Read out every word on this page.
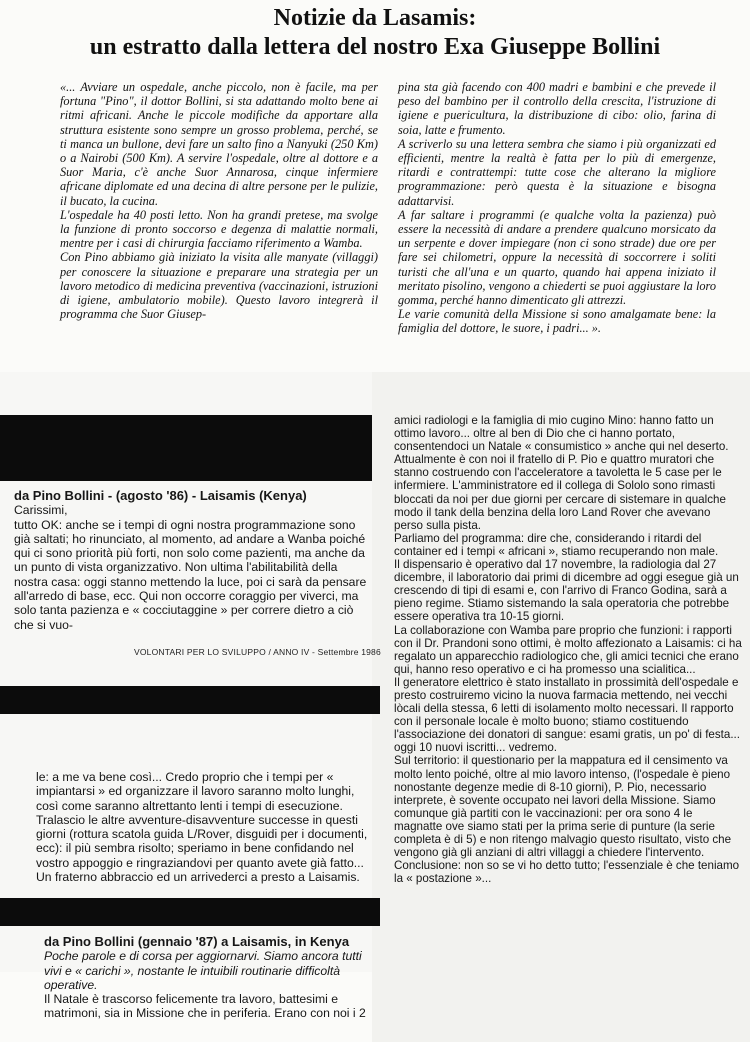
Notizie da Lasamis:
un estratto dalla lettera del nostro Exa Giuseppe Bollini

«... Avviare un ospedale, anche piccolo, non è facile, ma per fortuna "Pino", il dottor Bollini, si sta adattando molto bene ai ritmi africani. Anche le piccole modifiche da apportare alla struttura esistente sono sempre un grosso problema, perché, se ti manca un bullone, devi fare un salto fino a Nanyuki (250 Km) o a Nairobi (500 Km). A servire l'ospedale, oltre al dottore e a Suor Maria, c'è anche Suor Annarosa, cinque infermiere africane diplomate ed una decina di altre persone per le pulizie, il bucato, la cucina.

L'ospedale ha 40 posti letto. Non ha grandi pretese, ma svolge la funzione di pronto soccorso e degenza di malattie normali, mentre per i casi di chirurgia facciamo riferimento a Wamba.

Con Pino abbiamo già iniziato la visita alle manyate (villaggi) per conoscere la situazione e preparare una strategia per un lavoro metodico di medicina preventiva (vaccinazioni, istruzioni di igiene, ambulatorio mobile). Questo lavoro integrerà il programma che Suor Giusep-

pina sta già facendo con 400 madri e bambini e che prevede il peso del bambino per il controllo della crescita, l'istruzione di igiene e puericultura, la distribuzione di cibo: olio, farina di soia, latte e frumento.

A scriverlo su una lettera sembra che siamo i più organizzati ed efficienti, mentre la realtà è fatta per lo più di emergenze, ritardi e contrattempi: tutte cose che alterano la migliore programmazione: però questa è la situazione e bisogna adattarvisi.

A far saltare i programmi (e qualche volta la pazienza) può essere la necessità di andare a prendere qualcuno morsicato da un serpente e dover impiegare (non ci sono strade) due ore per fare sei chilometri, oppure la necessità di soccorrere i soliti turisti che all'una e un quarto, quando hai appena iniziato il meritato pisolino, vengono a chiederti se puoi aggiustare la loro gomma, perché hanno dimenticato gli attrezzi.

Le varie comunità della Missione si sono amalgamate bene: la famiglia del dottore, le suore, i padri... ».

da Pino Bollini - (agosto '86) - Laisamis (Kenya)

Carissimi,

tutto OK: anche se i tempi di ogni nostra programmazione sono già saltati; ho rinunciato, al momento, ad andare a Wanba poiché qui ci sono priorità più forti, non solo come pazienti, ma anche da un punto di vista organizzativo. Non ultima l'abilitabilità della nostra casa: oggi stanno mettendo la luce, poi ci sarà da pensare all'arredo di base, ecc. Qui non occorre coraggio per viverci, ma solo tanta pazienza e « cocciutaggine » per correre dietro a ciò che si vuo-

VOLONTARI PER LO SVILUPPO / ANNO IV - Settembre 1986

le: a me va bene così... Credo proprio che i tempi per « impiantarsi » ed organizzare il lavoro saranno molto lunghi, così come saranno altrettanto lenti i tempi di esecuzione. Tralascio le altre avventure-disavventure successe in questi giorni (rottura scatola guida L/Rover, disguidi per i documenti, ecc): il più sembra risolto; speriamo in bene confidando nel vostro appoggio e ringraziandovi per quanto avete già fatto...

Un fraterno abbraccio ed un arrivederci a presto a Laisamis.

da Pino Bollini (gennaio '87) a Laisamis, in Kenya

Poche parole e di corsa per aggiornarvi. Siamo ancora tutti vivi e « carichi », nostante le intuibili routinarie difficoltà operative.

Il Natale è trascorso felicemente tra lavoro, battesimi e matrimoni, sia in Missione che in periferia. Erano con noi i 2

amici radiologi e la famiglia di mio cugino Mino: hanno fatto un ottimo lavoro... oltre al ben di Dio che ci hanno portato, consentendoci un Natale « consumistico » anche qui nel deserto.

Attualmente è con noi il fratello di P. Pio e quattro muratori che stanno costruendo con l'acceleratore a tavoletta le 5 case per le infermiere. L'amministratore ed il collega di Sololo sono rimasti bloccati da noi per due giorni per cercare di sistemare in qualche modo il tank della benzina della loro Land Rover che avevano perso sulla pista.

Parliamo del programma: dire che, considerando i ritardi del container ed i tempi « africani », stiamo recuperando non male.

Il dispensario è operativo dal 17 novembre, la radiologia dal 27 dicembre, il laboratorio dai primi di dicembre ad oggi esegue già un crescendo di tipi di esami e, con l'arrivo di Franco Godina, sarà a pieno regime. Stiamo sistemando la sala operatoria che potrebbe essere operativa tra 10-15 giorni.

La collaborazione con Wamba pare proprio che funzioni: i rapporti con il Dr. Prandoni sono ottimi, è molto affezionato a Laisamis: ci ha regalato un apparecchio radiologico che, gli amici tecnici che erano qui, hanno reso operativo e ci ha promesso una scialitica...

Il generatore elettrico è stato installato in prossimità dell'ospedale e presto costruiremo vicino la nuova farmacia mettendo, nei vecchi lòcali della stessa, 6 letti di isolamento molto necessari. Il rapporto con il personale locale è molto buono; stiamo costituendo l'associazione dei donatori di sangue: esami gratis, un po' di festa... oggi 10 nuovi iscritti... vedremo.

Sul territorio: il questionario per la mappatura ed il censimento va molto lento poiché, oltre al mio lavoro intenso, (l'ospedale è pieno nonostante degenze medie di 8-10 giorni), P. Pio, necessario interprete, è sovente occupato nei lavori della Missione. Siamo comunque già partiti con le vaccinazioni: per ora sono 4 le magnatte ove siamo stati per la prima serie di punture (la serie completa è di 5) e non ritengo malvagio questo risultato, visto che vengono già gli anziani di altri villaggi a chiedere l'intervento.

Conclusione: non so se vi ho detto tutto; l'essenziale è che teniamo la « postazione »...
